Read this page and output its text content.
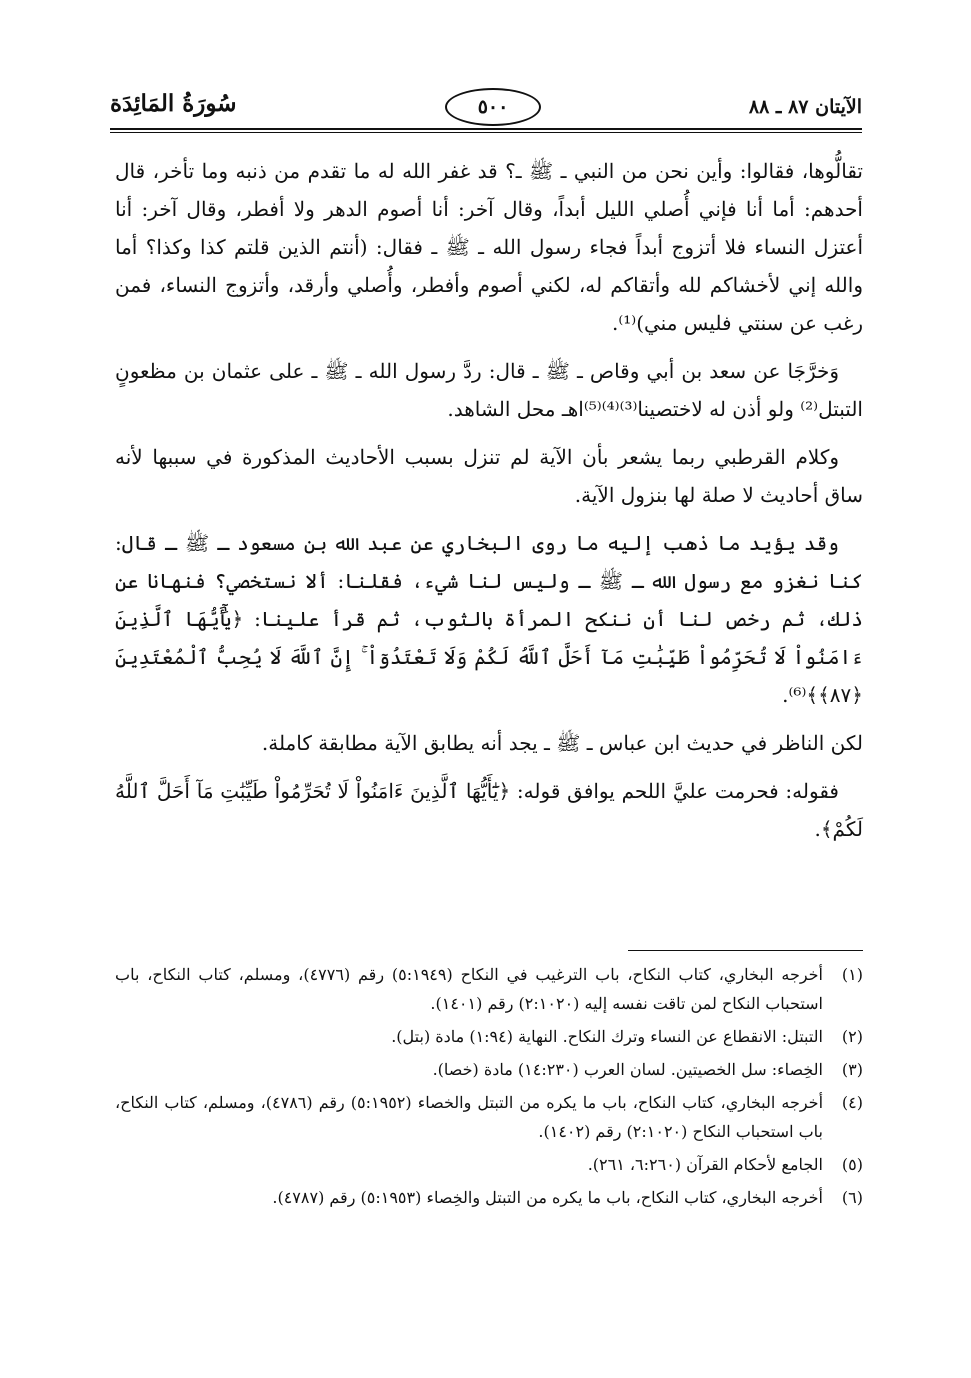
الآيتان ٨٧ ـ ٨٨
٥٠٠
سُورَةُ المَائِدَة

تقالُّوها، فقالوا: وأين نحن من النبي ـ ﷺ ـ؟ قد غفر الله له ما تقدم من ذنبه وما تأخر، قال أحدهم: أما أنا فإني أُصلي الليل أبداً، وقال آخر: أنا أصوم الدهر ولا أفطر، وقال آخر: أنا أعتزل النساء فلا أتزوج أبداً فجاء رسول الله ـ ﷺ ـ فقال: (أنتم الذين قلتم كذا وكذا؟ أما والله إني لأخشاكم لله وأتقاكم له، لكني أصوم وأفطر، وأُصلي وأرقد، وأتزوج النساء، فمن رغب عن سنتي فليس مني)⁽¹⁾.

وَخرَّجَا عن سعد بن أبي وقاص ـ ﷺ ـ قال: ردَّ رسول الله ـ ﷺ ـ على عثمان بن مظعونٍ التبتل⁽²⁾ ولو أذن له لاختصينا⁽³⁾⁽⁴⁾⁽⁵⁾اهـ محل الشاهد.

وكلام القرطبي ربما يشعر بأن الآية لم تنزل بسبب الأحاديث المذكورة في سببها لأنه ساق أحاديث لا صلة لها بنزول الآية.

وقد يؤيد ما ذهب إليه ما روى البخاري عن عبد الله بن مسعود ـ ﷺ ـ قال: كنا نغزو مع رسول الله ـ ﷺ ـ وليس لنا شيء، فقلنا: ألا نستخصي؟ فنهانا عن ذلك، ثم رخص لنا أن ننكح المرأة بالثوب، ثم قرأ علينا: ﴿يَٰٓأَيُّهَا ٱلَّذِينَ ءَامَنُواْ لَا تُحَرِّمُواْ طَيِّبَٰتِ مَآ أَحَلَّ ٱللَّهُ لَكُمْ وَلَا تَعْتَدُوٓاْ ۚ إِنَّ ٱللَّهَ لَا يُحِبُّ ٱلْمُعْتَدِينَ ﴿٨٧﴾﴾⁽⁶⁾.

لكن الناظر في حديث ابن عباس ـ ﷺ ـ يجد أنه يطابق الآية مطابقة كاملة.

فقوله: فحرمت عليَّ اللحم يوافق قوله: ﴿يَٰٓأَيُّهَا ٱلَّذِينَ ءَامَنُواْ لَا تُحَرِّمُواْ طَيِّبَٰتِ مَآ أَحَلَّ ٱللَّهُ لَكُمْ﴾.

(١)
أخرجه البخاري، كتاب النكاح، باب الترغيب في النكاح (٥:١٩٤٩) رقم (٤٧٧٦)، ومسلم، كتاب النكاح، باب استحباب النكاح لمن تاقت نفسه إليه (٢:١٠٢٠) رقم (١٤٠١).

(٢)
التبتل: الانقطاع عن النساء وترك النكاح. النهاية (١:٩٤) مادة (بتل).

(٣)
الخِصاء: سل الخصيتين. لسان العرب (١٤:٢٣٠) مادة (خصا).

(٤)
أخرجه البخاري، كتاب النكاح، باب ما يكره من التبتل والخصاء (٥:١٩٥٢) رقم (٤٧٨٦)، ومسلم، كتاب النكاح، باب استحباب النكاح (٢:١٠٢٠) رقم (١٤٠٢).

(٥)
الجامع لأحكام القرآن (٦:٢٦٠، ٢٦١).

(٦)
أخرجه البخاري، كتاب النكاح، باب ما يكره من التبتل والخِصاء (٥:١٩٥٣) رقم (٤٧٨٧).
